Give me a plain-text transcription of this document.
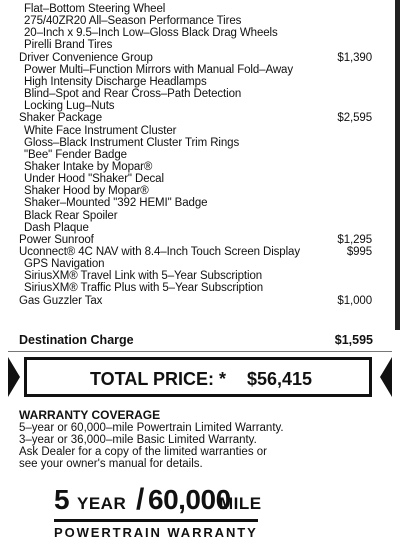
Flat–Bottom Steering Wheel
275/40ZR20 All–Season Performance Tires
20–Inch x 9.5–Inch Low–Gloss Black Drag Wheels
Pirelli Brand Tires
Driver Convenience Group	$1,390
Power Multi–Function Mirrors with Manual Fold–Away
High Intensity Discharge Headlamps
Blind–Spot and Rear Cross–Path Detection
Locking Lug–Nuts
Shaker Package	$2,595
White Face Instrument Cluster
Gloss–Black Instrument Cluster Trim Rings
"Bee" Fender Badge
Shaker Intake by Mopar®
Under Hood "Shaker" Decal
Shaker Hood by Mopar®
Shaker–Mounted "392 HEMI" Badge
Black Rear Spoiler
Dash Plaque
Power Sunroof	$1,295
Uconnect® 4C NAV with 8.4–Inch Touch Screen Display	$995
GPS Navigation
SiriusXM® Travel Link with 5–Year Subscription
SiriusXM® Traffic Plus with 5–Year Subscription
Gas Guzzler Tax	$1,000
Destination Charge	$1,595
TOTAL PRICE: * $56,415
WARRANTY COVERAGE
5–year or 60,000–mile Powertrain Limited Warranty.
3–year or 36,000–mile Basic Limited Warranty.
Ask Dealer for a copy of the limited warranties or
see your owner's manual for details.
5 YEAR / 60,000
MILE
POWERTRAIN WARRANTY
